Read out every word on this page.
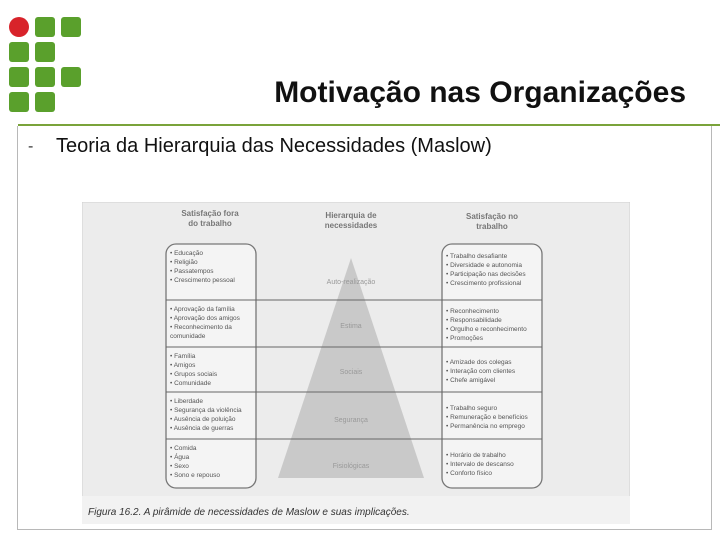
Motivação nas Organizações
- Teoria da Hierarquia das Necessidades (Maslow)
Satisfação fora
do trabalho
Hierarquia de
necessidades
Satisfação no
trabalho
Auto-realização
Estima
Sociais
Segurança
Fisiológicas
• Educação
• Religião
• Passatempos
• Crescimento pessoal
• Aprovação da família
• Aprovação dos amigos
• Reconhecimento da
comunidade
• Família
• Amigos
• Grupos sociais
• Comunidade
• Liberdade
• Segurança da violência
• Ausência de poluição
• Ausência de guerras
• Comida
• Água
• Sexo
• Sono e repouso
• Trabalho desafiante
• Diversidade e autonomia
• Participação nas decisões
• Crescimento profissional
• Reconhecimento
• Responsabilidade
• Orgulho e reconhecimento
• Promoções
• Amizade dos colegas
• Interação com clientes
• Chefe amigável
• Trabalho seguro
• Remuneração e benefícios
• Permanência no emprego
• Horário de trabalho
• Intervalo de descanso
• Conforto físico
Figura 16.2. A pirâmide de necessidades de Maslow e suas implicações.
